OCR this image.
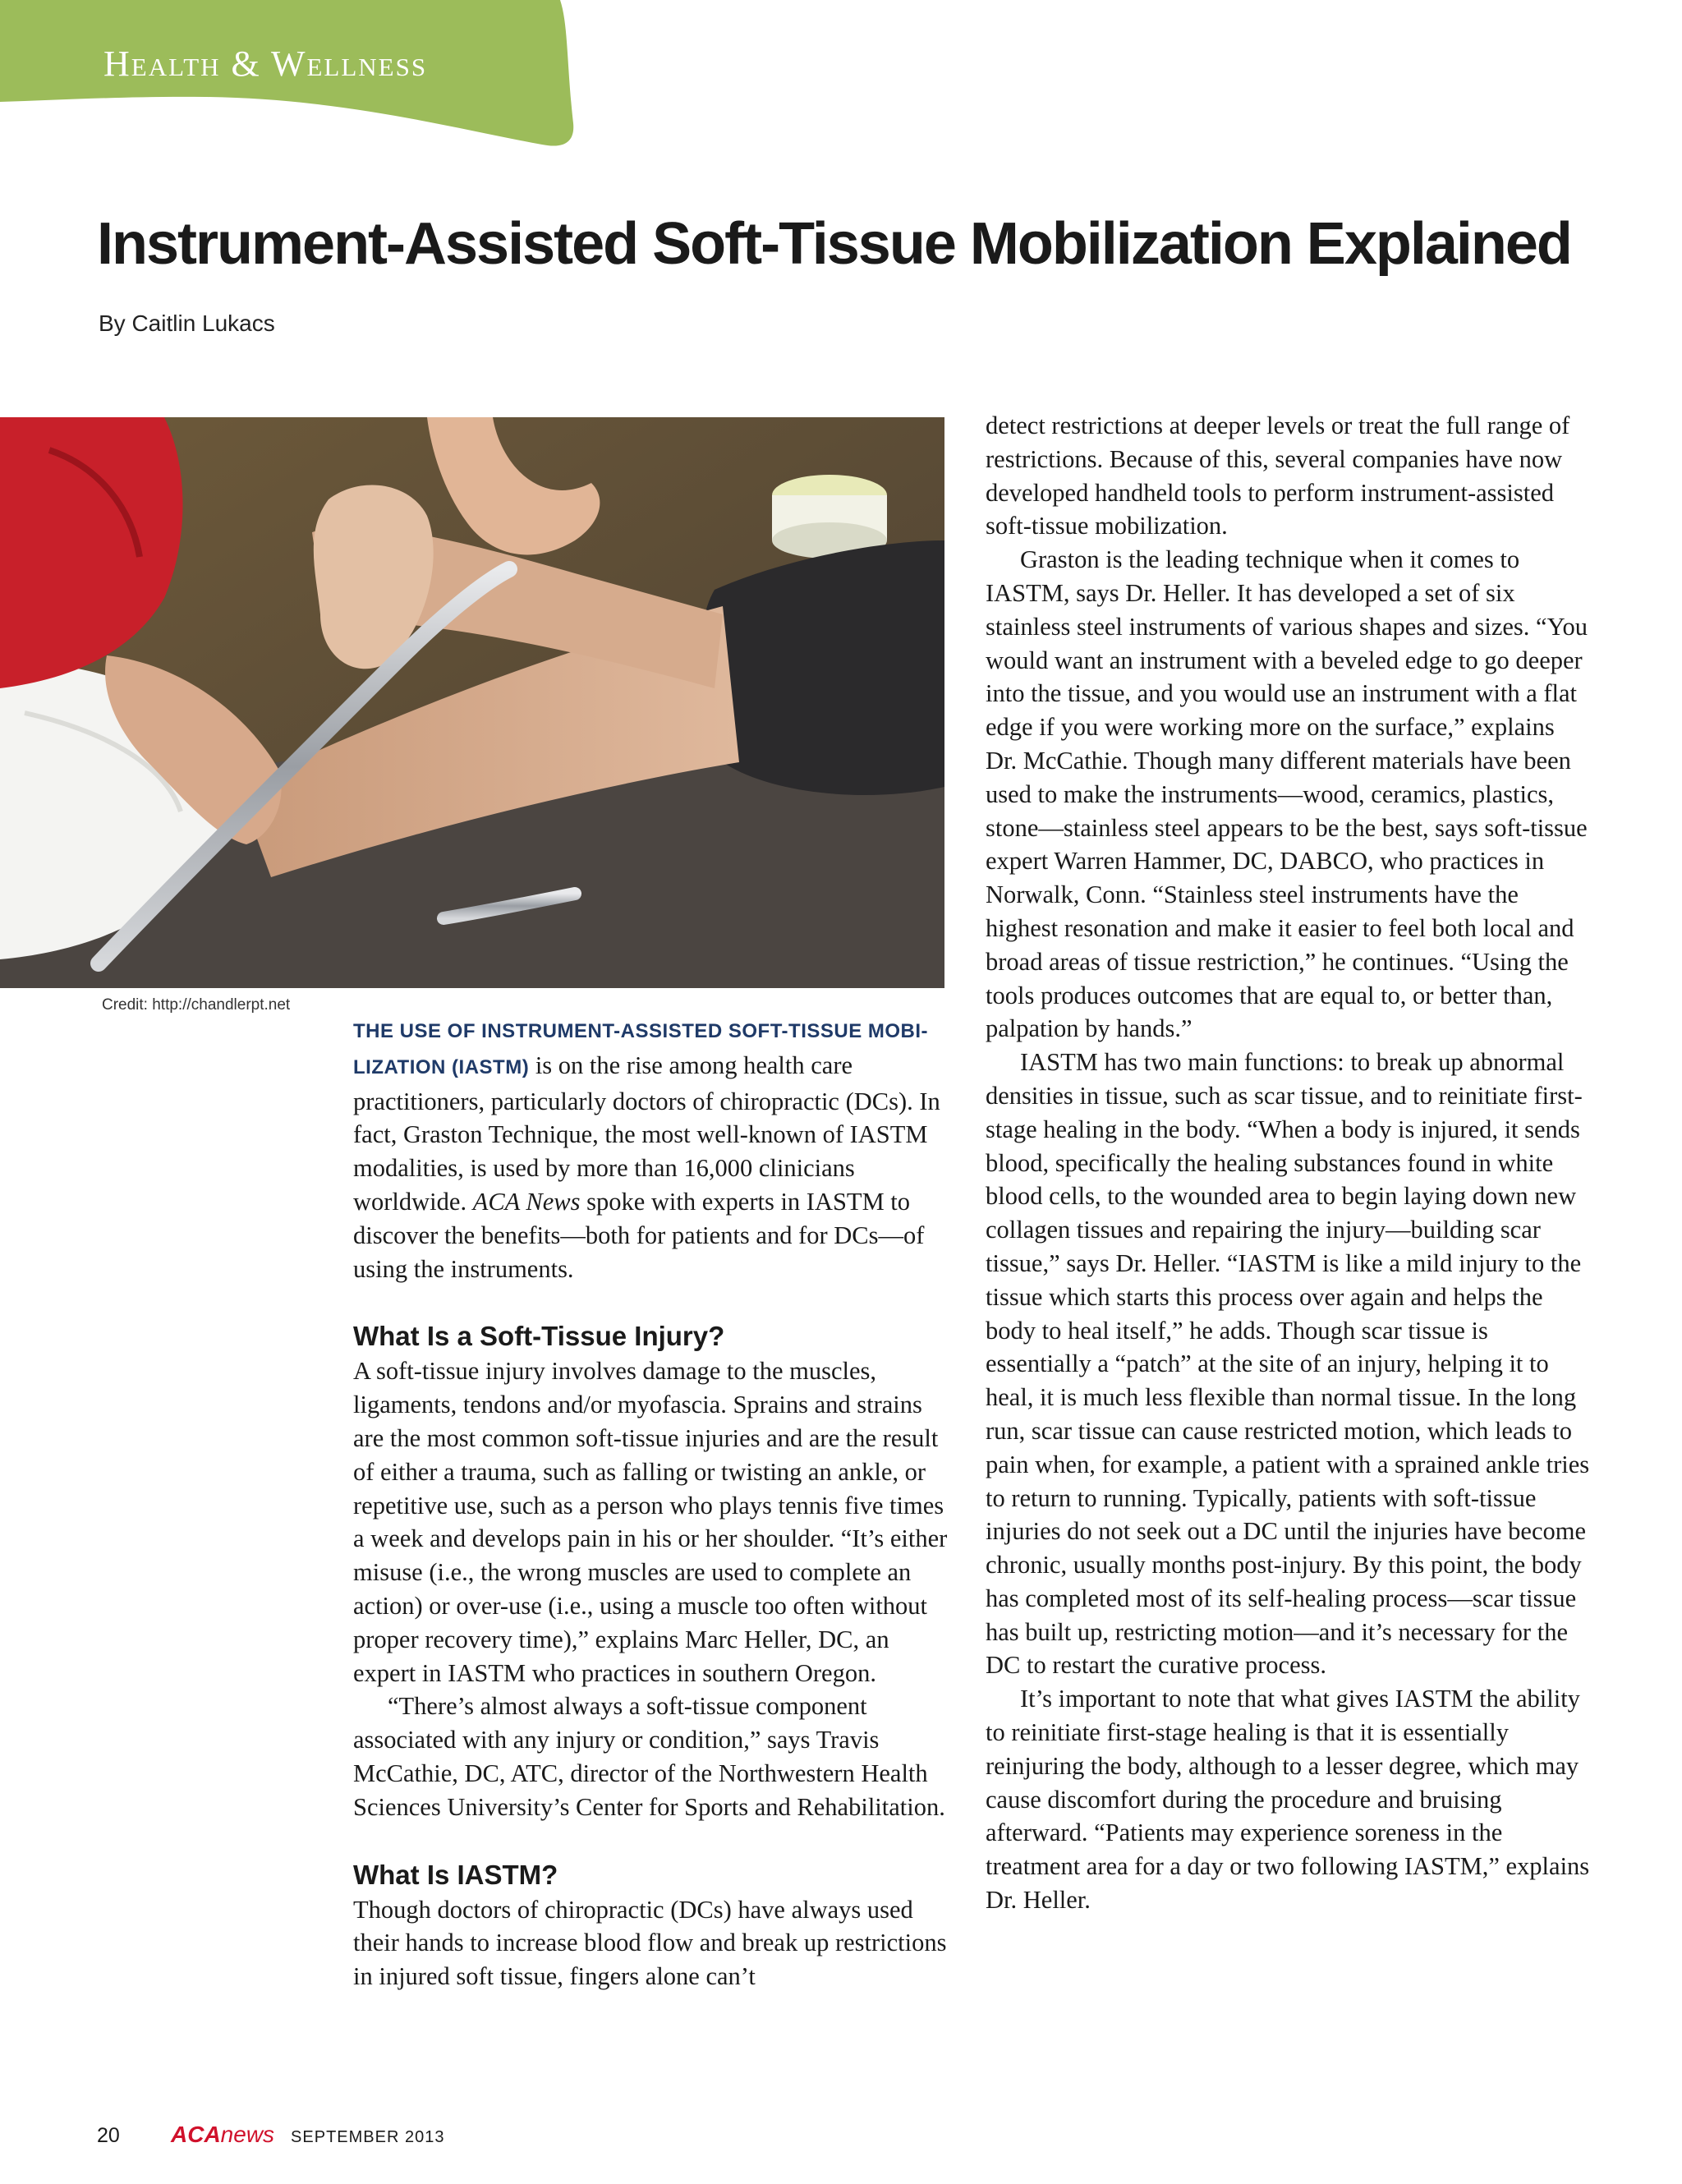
Health & Wellness
Instrument-Assisted Soft-Tissue Mobilization Explained
By Caitlin Lukacs
Credit: http://chandlerpt.net

THE USE OF INSTRUMENT-ASSISTED SOFT-TISSUE MOBILIZATION (IASTM) is on the rise among health care practitioners, particularly doctors of chiropractic (DCs). In fact, Graston Technique, the most well-known of IASTM modalities, is used by more than 16,000 clinicians worldwide. ACA News spoke with experts in IASTM to discover the benefits—both for patients and for DCs—of using the instruments.

What Is a Soft-Tissue Injury?

A soft-tissue injury involves damage to the muscles, ligaments, tendons and/or myofascia. Sprains and strains are the most common soft-tissue injuries and are the result of either a trauma, such as falling or twisting an ankle, or repetitive use, such as a person who plays tennis five times a week and develops pain in his or her shoulder. “It’s either misuse (i.e., the wrong muscles are used to complete an action) or over-use (i.e., using a muscle too often without proper recovery time),” explains Marc Heller, DC, an expert in IASTM who practices in southern Oregon.

“There’s almost always a soft-tissue component associated with any injury or condition,” says Travis McCathie, DC, ATC, director of the Northwestern Health Sciences University’s Center for Sports and Rehabilitation.

What Is IASTM?

Though doctors of chiropractic (DCs) have always used their hands to increase blood flow and break up restrictions in injured soft tissue, fingers alone can’t

detect restrictions at deeper levels or treat the full range of restrictions. Because of this, several companies have now developed handheld tools to perform instrument-assisted soft-tissue mobilization.

Graston is the leading technique when it comes to IASTM, says Dr. Heller. It has developed a set of six stainless steel instruments of various shapes and sizes. “You would want an instrument with a beveled edge to go deeper into the tissue, and you would use an instrument with a flat edge if you were working more on the surface,” explains Dr. McCathie. Though many different materials have been used to make the instruments—wood, ceramics, plastics, stone—stainless steel appears to be the best, says soft-tissue expert Warren Hammer, DC, DABCO, who practices in Norwalk, Conn. “Stainless steel instruments have the highest resonation and make it easier to feel both local and broad areas of tissue restriction,” he continues. “Using the tools produces outcomes that are equal to, or better than, palpation by hands.”

IASTM has two main functions: to break up abnormal densities in tissue, such as scar tissue, and to reinitiate first-stage healing in the body. “When a body is injured, it sends blood, specifically the healing substances found in white blood cells, to the wounded area to begin laying down new collagen tissues and repairing the injury—building scar tissue,” says Dr. Heller. “IASTM is like a mild injury to the tissue which starts this process over again and helps the body to heal itself,” he adds. Though scar tissue is essentially a “patch” at the site of an injury, helping it to heal, it is much less flexible than normal tissue. In the long run, scar tissue can cause restricted motion, which leads to pain when, for example, a patient with a sprained ankle tries to return to running. Typically, patients with soft-tissue injuries do not seek out a DC until the injuries have become chronic, usually months post-injury. By this point, the body has completed most of its self-healing process—scar tissue has built up, restricting motion—and it’s necessary for the DC to restart the curative process.

It’s important to note that what gives IASTM the ability to reinitiate first-stage healing is that it is essentially reinjuring the body, although to a lesser degree, which may cause discomfort during the procedure and bruising afterward. “Patients may experience soreness in the treatment area for a day or two following IASTM,” explains Dr. Heller.

20	ACA news SEPTEMBER 2013
